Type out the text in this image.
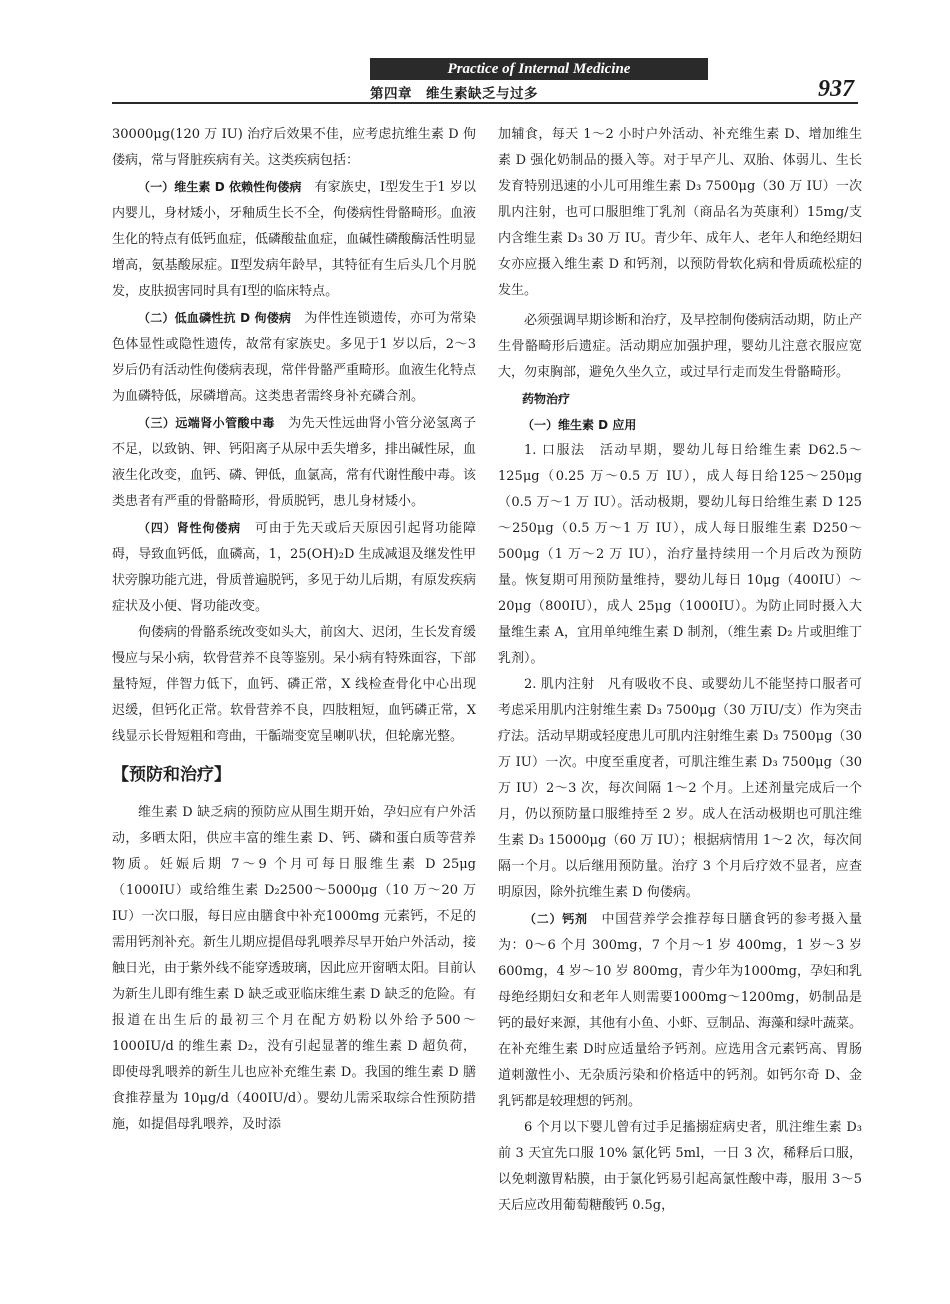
Practice of Internal Medicine
第四章　维生素缺乏与过多	937

30000μg(120 万 IU) 治疗后效果不佳，应考虑抗维生素 D 佝偻病，常与肾脏疾病有关。这类疾病包括：

（一）维生素 D 依赖性佝偻病　 有家族史，Ⅰ型发生于1 岁以内婴儿，身材矮小，牙釉质生长不全，佝偻病性骨骼畸形。血液生化的特点有低钙血症，低磷酸盐血症，血碱性磷酸酶活性明显增高，氨基酸尿症。Ⅱ型发病年龄早，其特征有生后头几个月脱发，皮肤损害同时具有Ⅰ型的临床特点。

（二）低血磷性抗 D 佝偻病　 为伴性连锁遗传，亦可为常染色体显性或隐性遗传，故常有家族史。多见于1 岁以后，2～3 岁后仍有活动性佝偻病表现，常伴骨骼严重畸形。血液生化特点为血磷特低，尿磷增高。这类患者需终身补充磷合剂。

（三）远端肾小管酸中毒　 为先天性远曲肾小管分泌氢离子不足，以致钠、钾、钙阳离子从尿中丢失增多，排出碱性尿，血液生化改变，血钙、磷、钾低，血氯高，常有代谢性酸中毒。该类患者有严重的骨骼畸形，骨质脱钙，患儿身材矮小。

（四）肾性佝偻病　 可由于先天或后天原因引起肾功能障碍，导致血钙低，血磷高，1，25(OH)₂D 生成减退及继发性甲状旁腺功能亢进，骨质普遍脱钙，多见于幼儿后期，有原发疾病症状及小便、肾功能改变。

佝偻病的骨骼系统改变如头大，前囟大、迟闭，生长发育缓慢应与呆小病，软骨营养不良等鉴别。呆小病有特殊面容，下部量特短，伴智力低下，血钙、磷正常，X 线检查骨化中心出现迟缓，但钙化正常。软骨营养不良，四肢粗短，血钙磷正常，X 线显示长骨短粗和弯曲，干骺端变宽呈喇叭状，但轮廓光整。

【预防和治疗】

维生素 D 缺乏病的预防应从围生期开始，孕妇应有户外活动，多晒太阳，供应丰富的维生素 D、钙、磷和蛋白质等营养物质。妊娠后期 7～9 个月可每日服维生素 D 25μg（1000IU）或给维生素 D₂2500～5000μg（10 万～20 万 IU）一次口服，每日应由膳食中补充1000mg 元素钙，不足的需用钙剂补充。新生儿期应提倡母乳喂养尽早开始户外活动，接触日光，由于紫外线不能穿透玻璃，因此应开窗晒太阳。目前认为新生儿即有维生素 D 缺乏或亚临床维生素 D 缺乏的危险。有报道在出生后的最初三个月在配方奶粉以外给予500～1000IU/d 的维生素 D₂，没有引起显著的维生素 D 超负荷，即使母乳喂养的新生儿也应补充维生素 D。我国的维生素 D 膳食推荐量为 10μg/d（400IU/d）。婴幼儿需采取综合性预防措施，如提倡母乳喂养，及时添

加辅食，每天 1～2 小时户外活动、补充维生素 D、增加维生素 D 强化奶制品的摄入等。对于早产儿、双胎、体弱儿、生长发育特别迅速的小儿可用维生素 D₃ 7500μg（30 万 IU）一次肌内注射，也可口服胆维丁乳剂（商品名为英康利）15mg/支内含维生素 D₃ 30 万 IU。青少年、成年人、老年人和绝经期妇女亦应摄入维生素 D 和钙剂，以预防骨软化病和骨质疏松症的发生。

必须强调早期诊断和治疗，及早控制佝偻病活动期，防止产生骨骼畸形后遗症。活动期应加强护理，婴幼儿注意衣服应宽大，勿束胸部，避免久坐久立，或过早行走而发生骨骼畸形。

药物治疗

（一）维生素 D 应用

1. 口服法　 活动早期，婴幼儿每日给维生素 D62.5～125μg（0.25 万～0.5 万 IU），成人每日给125～250μg（0.5 万～1 万 IU）。活动极期，婴幼儿每日给维生素 D 125～250μg（0.5 万～1 万 IU），成人每日服维生素 D250～500μg（1 万～2 万 IU），治疗量持续用一个月后改为预防量。恢复期可用预防量维持，婴幼儿每日 10μg（400IU）～20μg（800IU），成人 25μg（1000IU）。为防止同时摄入大量维生素 A，宜用单纯维生素 D 制剂，（维生素 D₂ 片或胆维丁乳剂）。

2. 肌内注射　 凡有吸收不良、或婴幼儿不能坚持口服者可考虑采用肌内注射维生素 D₃ 7500μg（30 万IU/支）作为突击疗法。活动早期或轻度患儿可肌内注射维生素 D₃ 7500μg（30 万 IU）一次。中度至重度者，可肌注维生素 D₃ 7500μg（30 万 IU）2～3 次，每次间隔 1～2 个月。上述剂量完成后一个月，仍以预防量口服维持至 2 岁。成人在活动极期也可肌注维生素 D₃ 15000μg（60 万 IU）；根据病情用 1～2 次，每次间隔一个月。以后继用预防量。治疗 3 个月后疗效不显者，应查明原因，除外抗维生素 D 佝偻病。

（二）钙剂　 中国营养学会推荐每日膳食钙的参考摄入量为：0～6 个月 300mg，7 个月～1 岁 400mg，1 岁～3 岁 600mg，4 岁～10 岁 800mg，青少年为1000mg，孕妇和乳母绝经期妇女和老年人则需要1000mg～1200mg，奶制品是钙的最好来源，其他有小鱼、小虾、豆制品、海藻和绿叶蔬菜。在补充维生素 D时应适量给予钙剂。应选用含元素钙高、胃肠道刺激性小、无杂质污染和价格适中的钙剂。如钙尔奇 D、金乳钙都是较理想的钙剂。

6 个月以下婴儿曾有过手足搐搦症病史者，肌注维生素 D₃ 前 3 天宜先口服 10% 氯化钙 5ml，一日 3 次，稀释后口服，以免刺激胃粘膜，由于氯化钙易引起高氯性酸中毒，服用 3～5 天后应改用葡萄糖酸钙 0.5g，
